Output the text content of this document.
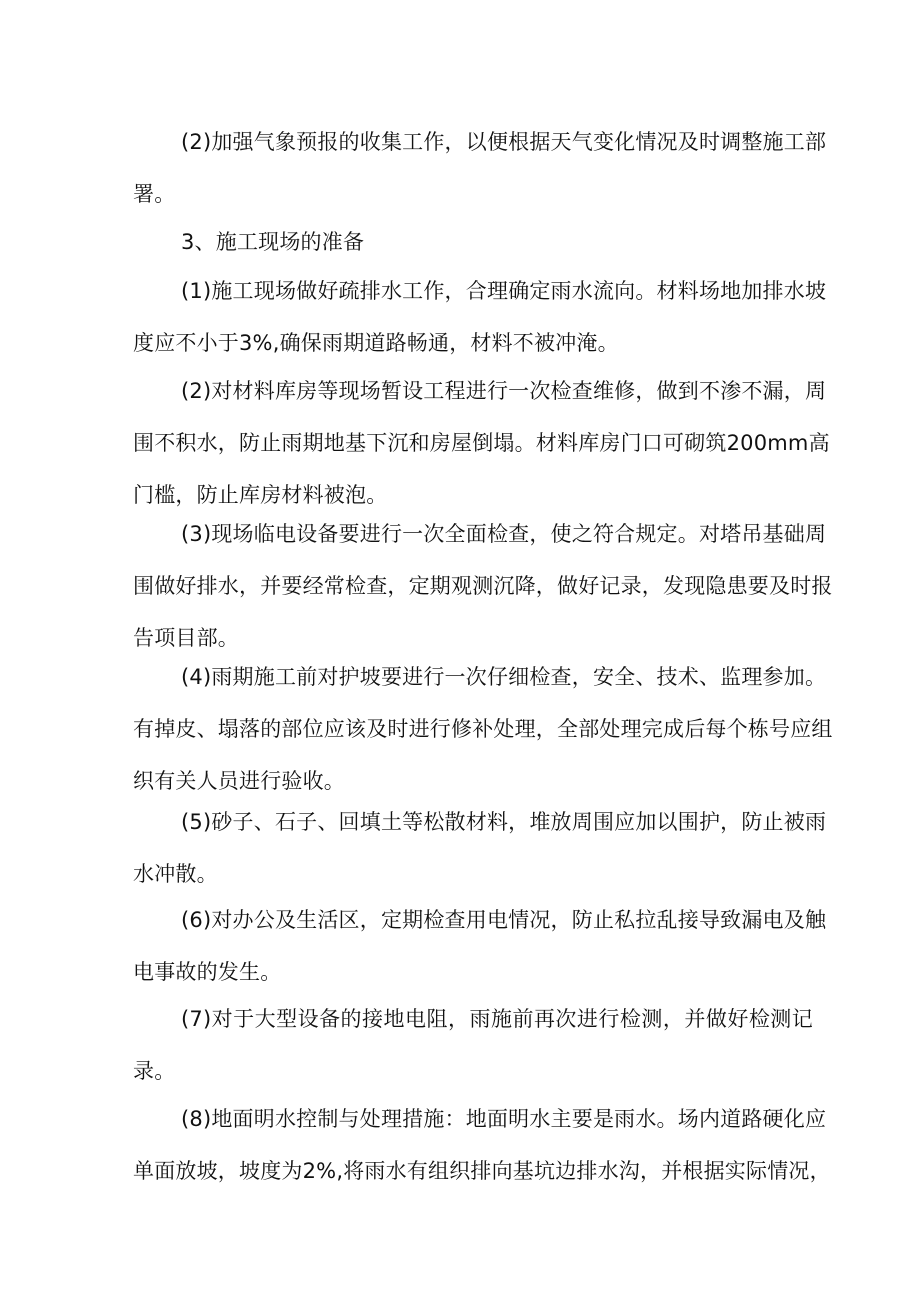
(2)加强气象预报的收集工作，以便根据天气变化情况及时调整施工部
署。
3、施工现场的准备
(1)施工现场做好疏排水工作，合理确定雨水流向。材料场地加排水坡
度应不小于3%,确保雨期道路畅通，材料不被冲淹。
(2)对材料库房等现场暂设工程进行一次检查维修，做到不渗不漏，周
围不积水，防止雨期地基下沉和房屋倒塌。材料库房门口可砌筑200mm高
门槛，防止库房材料被泡。
(3)现场临电设备要进行一次全面检查，使之符合规定。对塔吊基础周
围做好排水，并要经常检查，定期观测沉降，做好记录，发现隐患要及时报
告项目部。
(4)雨期施工前对护坡要进行一次仔细检查，安全、技术、监理参加。
有掉皮、塌落的部位应该及时进行修补处理，全部处理完成后每个栋号应组
织有关人员进行验收。
(5)砂子、石子、回填土等松散材料，堆放周围应加以围护，防止被雨
水冲散。
(6)对办公及生活区，定期检查用电情况，防止私拉乱接导致漏电及触
电事故的发生。
(7)对于大型设备的接地电阻，雨施前再次进行检测，并做好检测记
录。
(8)地面明水控制与处理措施：地面明水主要是雨水。场内道路硬化应
单面放坡，坡度为2%,将雨水有组织排向基坑边排水沟，并根据实际情况，
